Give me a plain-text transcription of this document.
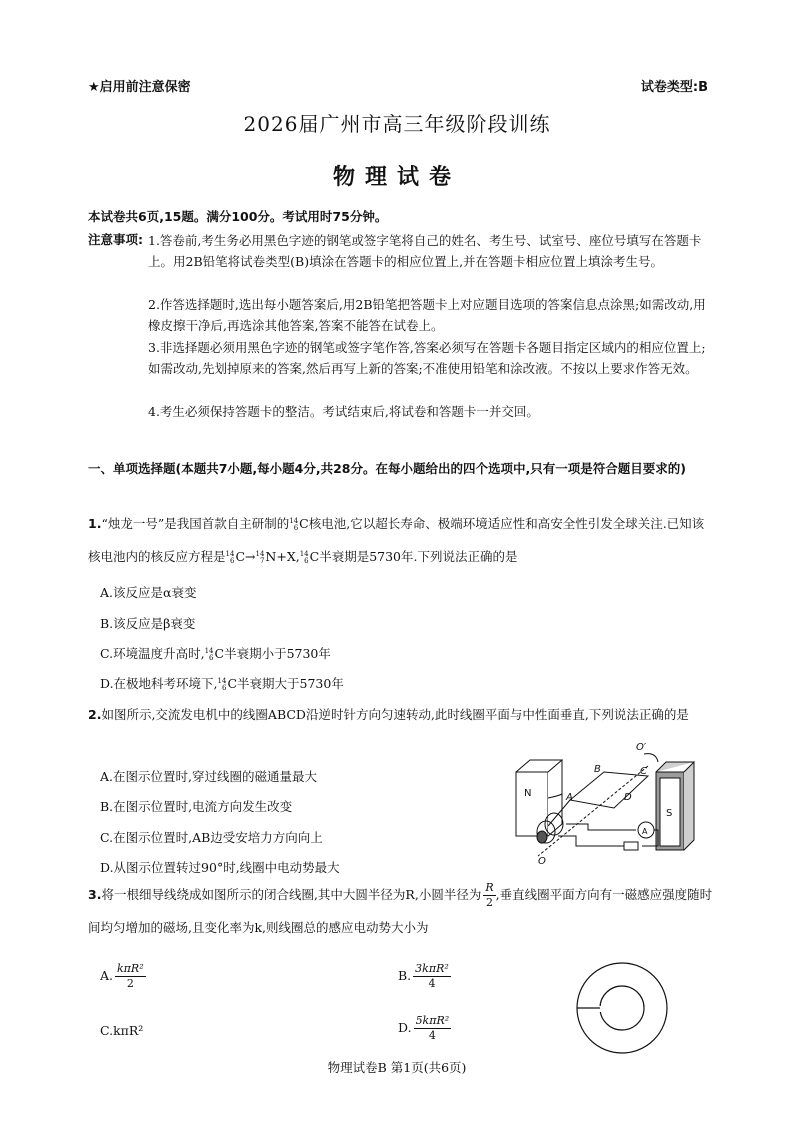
★启用前注意保密	试卷类型:B
2026届广州市高三年级阶段训练
物理试卷
本试卷共6页,15题。满分100分。考试用时75分钟。
注意事项: 1.答卷前,考生务必用黑色字迹的钢笔或签字笔将自己的姓名、考生号、试室号、座位号填写在答题卡上。用2B铅笔将试卷类型(B)填涂在答题卡的相应位置上,并在答题卡相应位置上填涂考生号。
2.作答选择题时,选出每小题答案后,用2B铅笔把答题卡上对应题目选项的答案信息点涂黑;如需改动,用橡皮擦干净后,再选涂其他答案,答案不能答在试卷上。
3.非选择题必须用黑色字迹的钢笔或签字笔作答,答案必须写在答题卡各题目指定区域内的相应位置上;如需改动,先划掉原来的答案,然后再写上新的答案;不准使用铅笔和涂改液。不按以上要求作答无效。
4.考生必须保持答题卡的整洁。考试结束后,将试卷和答题卡一并交回。
一、单项选择题(本题共7小题,每小题4分,共28分。在每小题给出的四个选项中,只有一项是符合题目要求的)
1.“烛龙一号”是我国首款自主研制的14
6C核电池,它以超长寿命、极端环境适应性和高安全性引发全球关注.已知该核电池内的核反应方程是14
6C→14
7N+X,14
6C半衰期是5730年.下列说法正确的是
A.该反应是α衰变
B.该反应是β衰变
C.环境温度升高时,14
6C半衰期小于5730年
D.在极地科考环境下,14
6C半衰期大于5730年
2.如图所示,交流发电机中的线圈ABCD沿逆时针方向匀速转动,此时线圈平面与中性面垂直,下列说法正确的是
A.在图示位置时,穿过线圈的磁通量最大
B.在图示位置时,电流方向发生改变
C.在图示位置时,AB边受安培力方向向上
D.从图示位置转过90°时,线圈中电动势最大
N
S
A
B	C
D
O
O′
A
3.将一根细导线绕成如图所示的闭合线圈,其中大圆半径为R,小圆半径为 $\frac{R}{2}$ ,垂直线圈平面方向有一磁感应强度随时间均匀增加的磁场,且变化率为k,则线圈总的感应电动势大小为
A. $\frac{\text{kπR²}}{2}$	B. $\frac{\text{3kπR²}}{4}$
C.kπR²	D. $\frac{\text{5kπR²}}{4}$
物理试卷B 第1页(共6页)
